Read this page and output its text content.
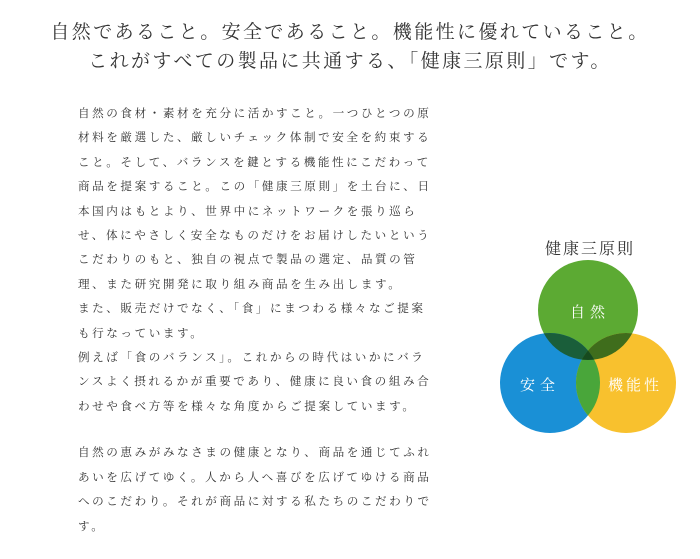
自然であること。安全であること。機能性に優れていること。
これがすべての製品に共通する、「健康三原則」です。
自然の食材・素材を充分に活かすこと。一つひとつの原
材料を厳選した、厳しいチェック体制で安全を約束する
こと。そして、バランスを鍵とする機能性にこだわって
商品を提案すること。この「健康三原則」を土台に、日
本国内はもとより、世界中にネットワークを張り巡ら
せ、体にやさしく安全なものだけをお届けしたいという
こだわりのもと、独自の視点で製品の選定、品質の管
理、また研究開発に取り組み商品を生み出します。
また、販売だけでなく、「食」にまつわる様々なご提案
も行なっています。
例えば「食のバランス」。これからの時代はいかにバラ
ンスよく摂れるかが重要であり、健康に良い食の組み合
わせや食べ方等を様々な角度からご提案しています。
自然の恵みがみなさまの健康となり、商品を通じてふれ
あいを広げてゆく。人から人へ喜びを広げてゆける商品
へのこだわり。それが商品に対する私たちのこだわりで
す。
健康三原則
自然
安全	機能性
